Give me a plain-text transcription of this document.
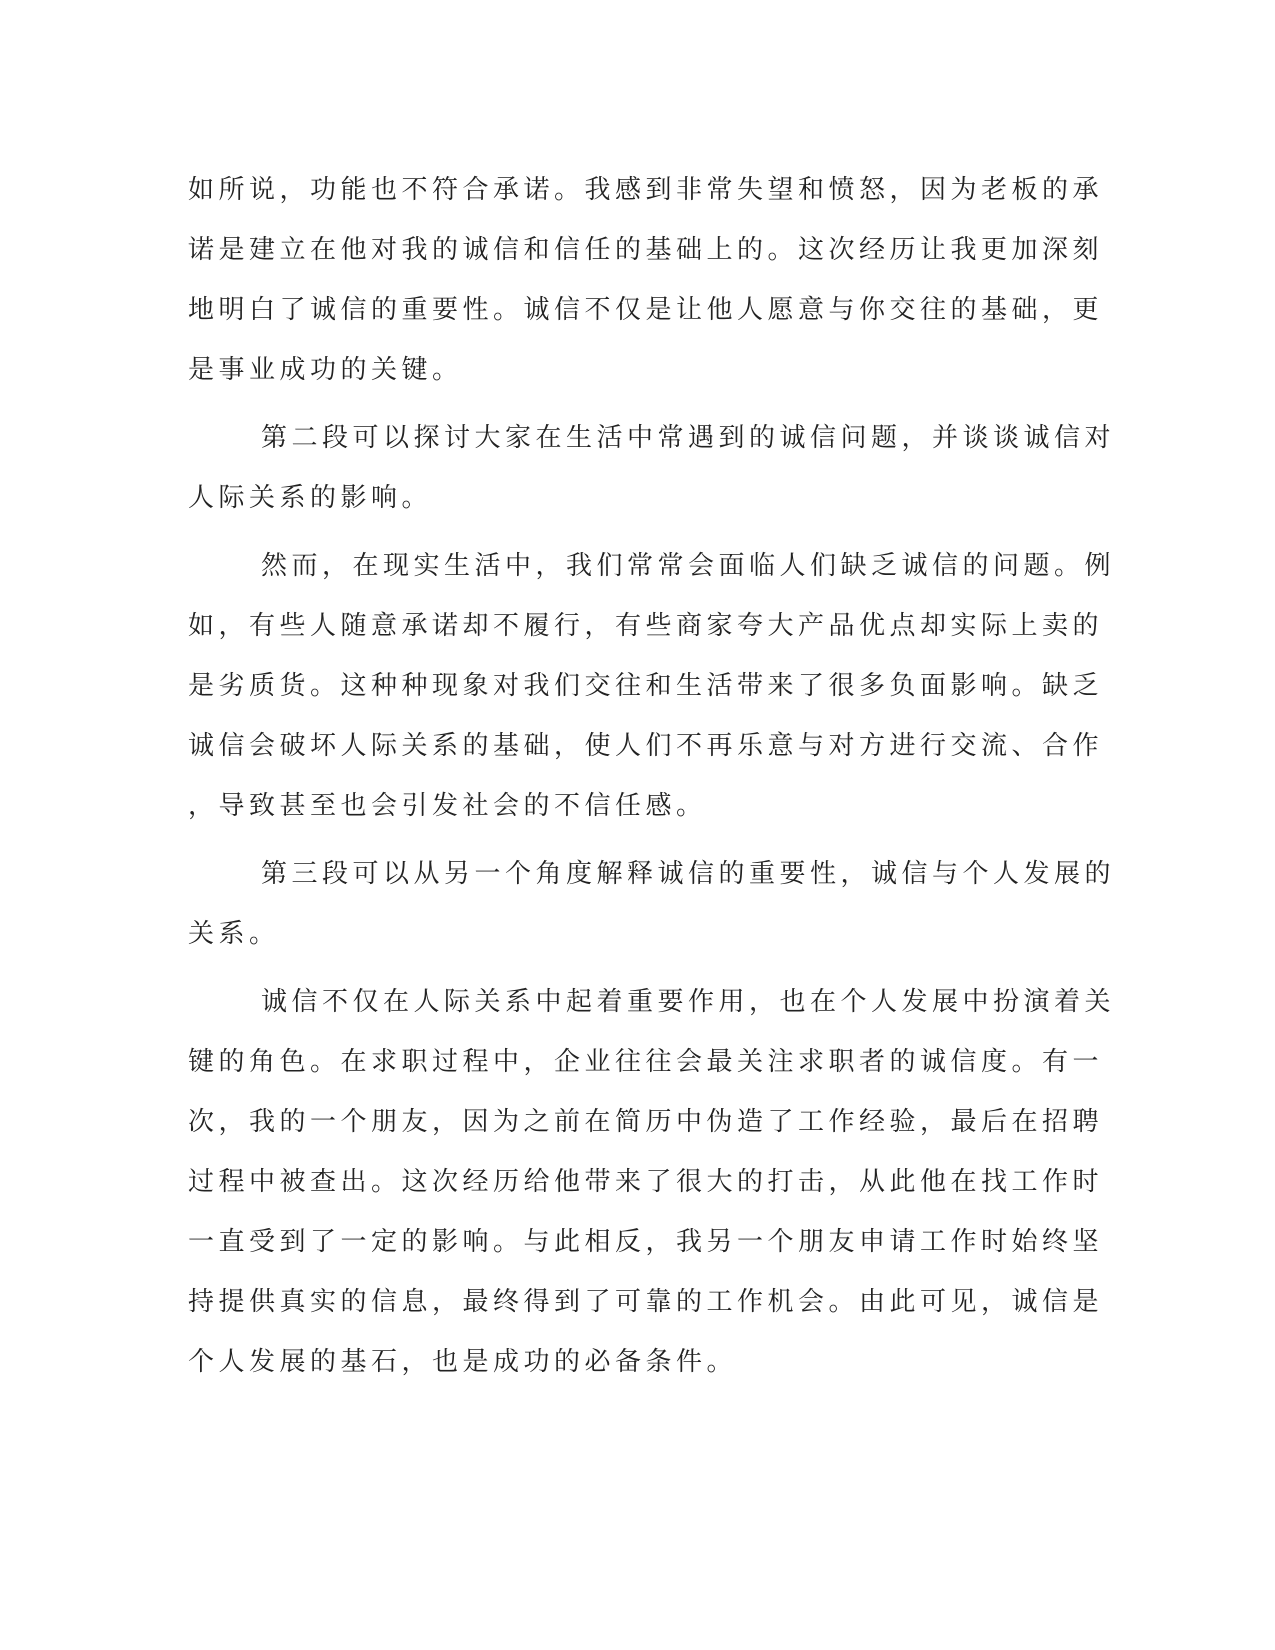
如所说，功能也不符合承诺。我感到非常失望和愤怒，因为老板的承
诺是建立在他对我的诚信和信任的基础上的。这次经历让我更加深刻
地明白了诚信的重要性。诚信不仅是让他人愿意与你交往的基础，更
是事业成功的关键。
第二段可以探讨大家在生活中常遇到的诚信问题，并谈谈诚信对
人际关系的影响。
然而，在现实生活中，我们常常会面临人们缺乏诚信的问题。例
如，有些人随意承诺却不履行，有些商家夸大产品优点却实际上卖的
是劣质货。这种种现象对我们交往和生活带来了很多负面影响。缺乏
诚信会破坏人际关系的基础，使人们不再乐意与对方进行交流、合作
，导致甚至也会引发社会的不信任感。
第三段可以从另一个角度解释诚信的重要性，诚信与个人发展的
关系。
诚信不仅在人际关系中起着重要作用，也在个人发展中扮演着关
键的角色。在求职过程中，企业往往会最关注求职者的诚信度。有一
次，我的一个朋友，因为之前在简历中伪造了工作经验，最后在招聘
过程中被查出。这次经历给他带来了很大的打击，从此他在找工作时
一直受到了一定的影响。与此相反，我另一个朋友申请工作时始终坚
持提供真实的信息，最终得到了可靠的工作机会。由此可见，诚信是
个人发展的基石，也是成功的必备条件。
